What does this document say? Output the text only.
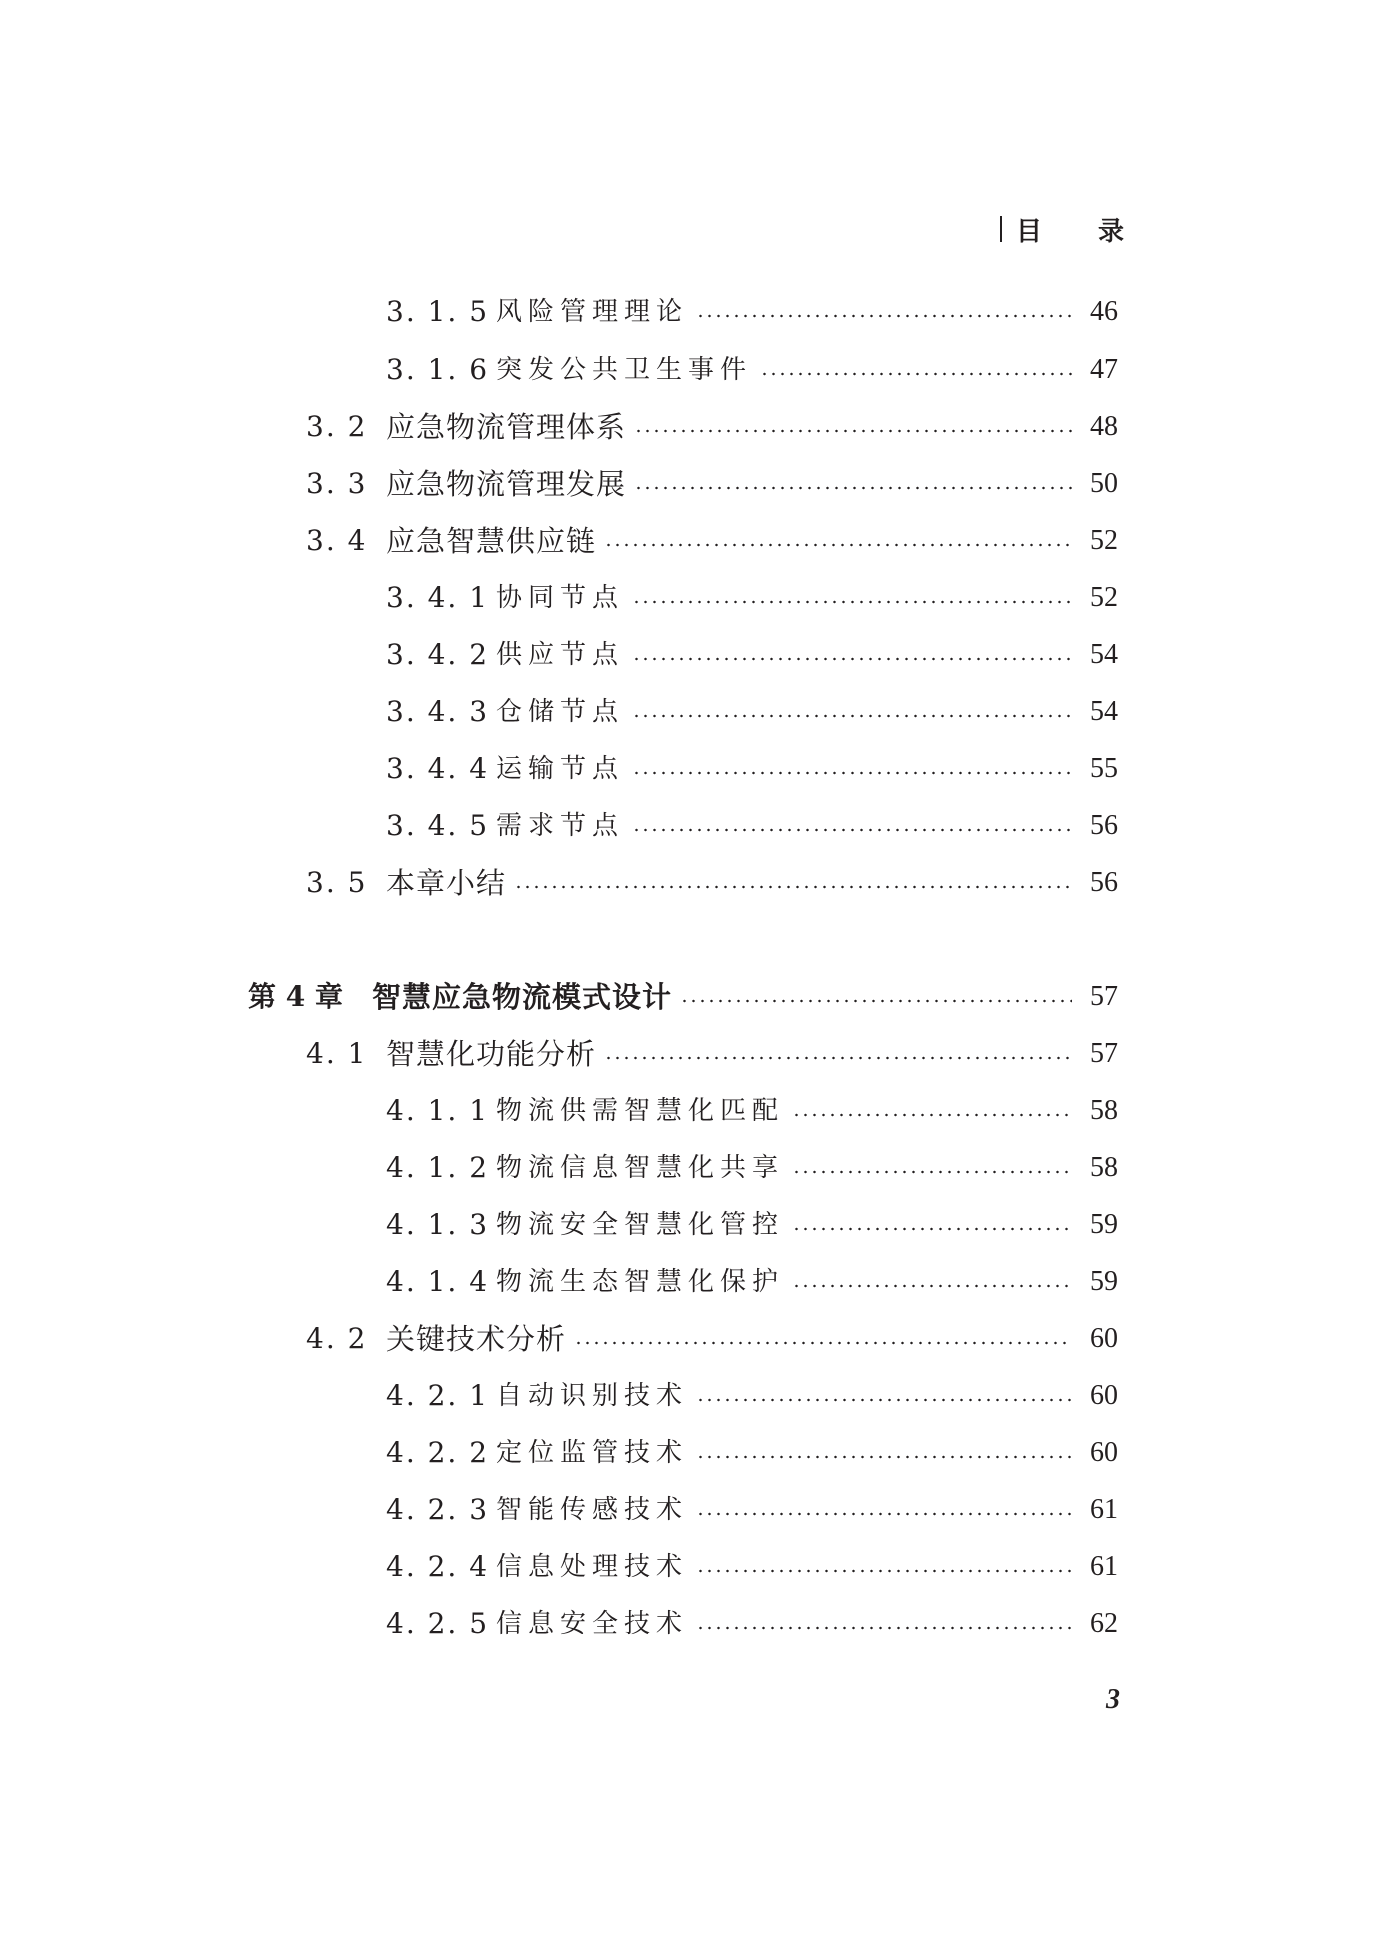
目 录
3. 1. 5 风险管理理论	46
3. 1. 6 突发公共卫生事件	47
3. 2 应急物流管理体系	48
3. 3 应急物流管理发展	50
3. 4 应急智慧供应链	52
3. 4. 1 协同节点	52
3. 4. 2 供应节点	54
3. 4. 3 仓储节点	54
3. 4. 4 运输节点	55
3. 4. 5 需求节点	56
3. 5 本章小结	56
第 4 章	智慧应急物流模式设计	57
4. 1 智慧化功能分析	57
4. 1. 1 物流供需智慧化匹配	58
4. 1. 2 物流信息智慧化共享	58
4. 1. 3 物流安全智慧化管控	59
4. 1. 4 物流生态智慧化保护	59
4. 2 关键技术分析	60
4. 2. 1 自动识别技术	60
4. 2. 2 定位监管技术	60
4. 2. 3 智能传感技术	61
4. 2. 4 信息处理技术	61
4. 2. 5 信息安全技术	62
3
